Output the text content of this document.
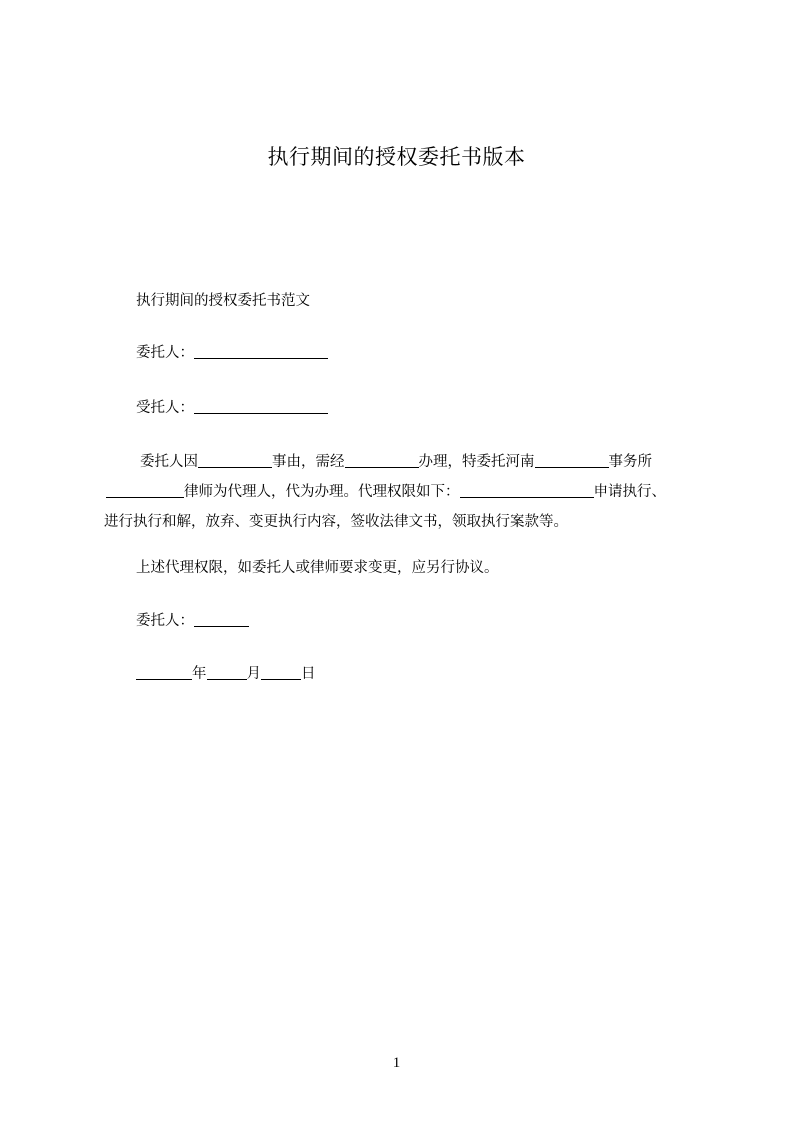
执行期间的授权委托书版本
执行期间的授权委托书范文
委托人：
受托人：
委托人因	事由，需经	办理，特委托河南	事务所
律师为代理人，代为办理。代理权限如下：	申请执行、
进行执行和解，放弃、变更执行内容，签收法律文书，领取执行案款等。
上述代理权限，如委托人或律师要求变更，应另行协议。
委托人：
年	月	日
1
